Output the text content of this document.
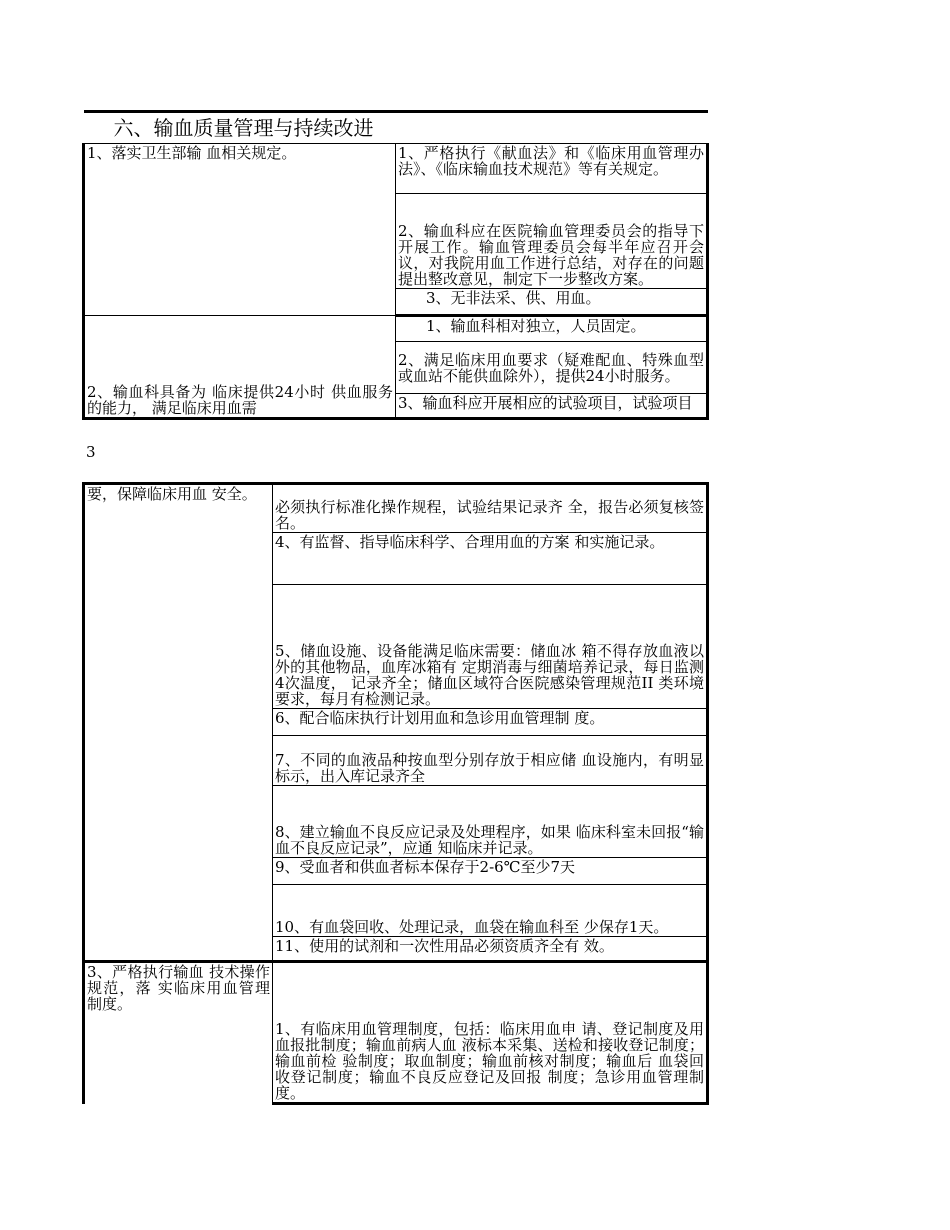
六、输血质量管理与持续改进	
1、落实卫生部输 血相关规定。	1、严格执行《献血法》和《临床用血管理办 法》、《临床输血技术规范》等有关规定。
	2、输血科应在医院输血管理委员会的指导下 开展工作。输血管理委员会每半年应召开会 议，对我院用血工作进行总结，对存在的问题 提出整改意见，制定下一步整改方案。
	3、无非法采、供、用血。
2、输血科具备为 临床提供24小时 供血服务的能力， 满足临床用血需	1、输血科相对独立，人员固定。
	2、满足临床用血要求（疑难配血、特殊血型 或血站不能供血除外），提供24小时服务。
	3、输血科应开展相应的试验项目，试验项目
3
要，保障临床用血 安全。	必须执行标准化操作规程，试验结果记录齐 全，报告必须复核签名。
	4、有监督、指导临床科学、合理用血的方案 和实施记录。
	5、储血设施、设备能满足临床需要：储血冰 箱不得存放血液以外的其他物品，血库冰箱有 定期消毒与细菌培养记录，每日监测4次温度， 记录齐全；储血区域符合医院感染管理规范II 类环境要求，每月有检测记录。
	6、配合临床执行计划用血和急诊用血管理制 度。
	7、不同的血液品种按血型分别存放于相应储 血设施内，有明显标示，出入库记录齐全
	8、建立输血不良反应记录及处理程序，如果 临床科室未回报“输血不良反应记录”，应通 知临床并记录。
	9、受血者和供血者标本保存于2-6℃至少7天
	10、有血袋回收、处理记录，血袋在输血科至 少保存1天。
	11、使用的试剂和一次性用品必须资质齐全有 效。
3、严格执行输血 技术操作规范，落 实临床用血管理 制度。	1、有临床用血管理制度，包括：临床用血申 请、登记制度及用血报批制度；输血前病人血 液标本采集、送检和接收登记制度；输血前检 验制度；取血制度；输血前核对制度；输血后 血袋回收登记制度；输血不良反应登记及回报 制度；急诊用血管理制度。
